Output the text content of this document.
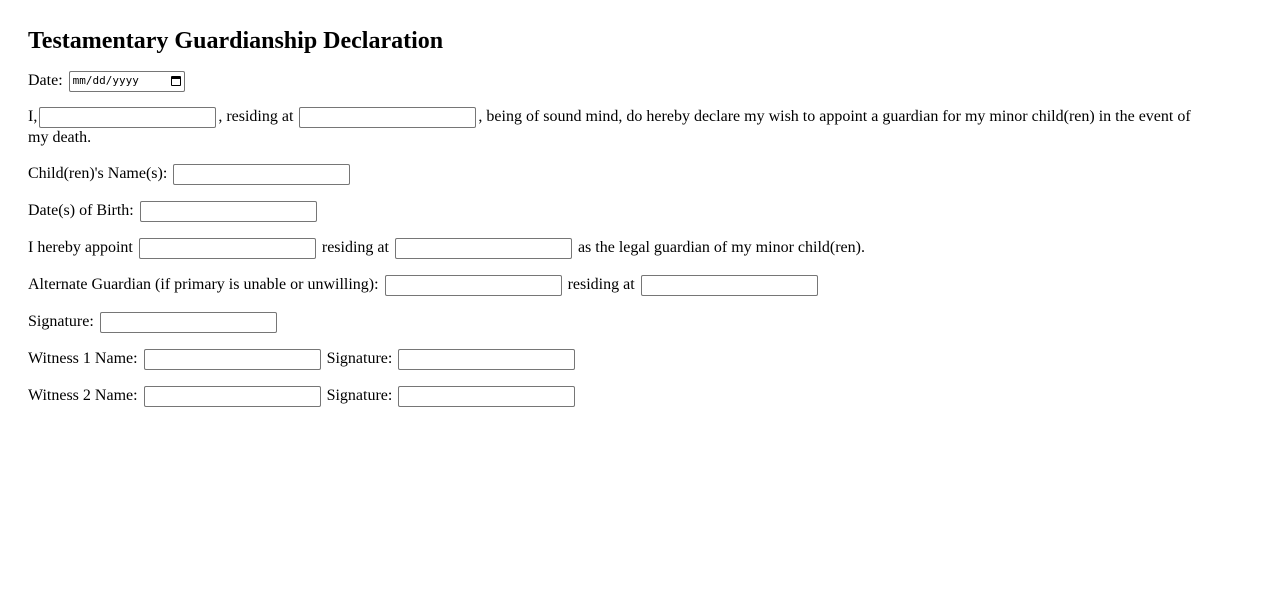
Testamentary Guardianship Declaration
Date: mm/dd/yyyy
I,	, residing at	, being of sound mind, do hereby declare my wish to appoint a guardian for my minor child(ren) in the event of my death.
Child(ren)'s Name(s):
Date(s) of Birth:
I hereby appoint	residing at	as the legal guardian of my minor child(ren).
Alternate Guardian (if primary is unable or unwilling):	residing at
Signature:
Witness 1 Name:	Signature:
Witness 2 Name:	Signature:
